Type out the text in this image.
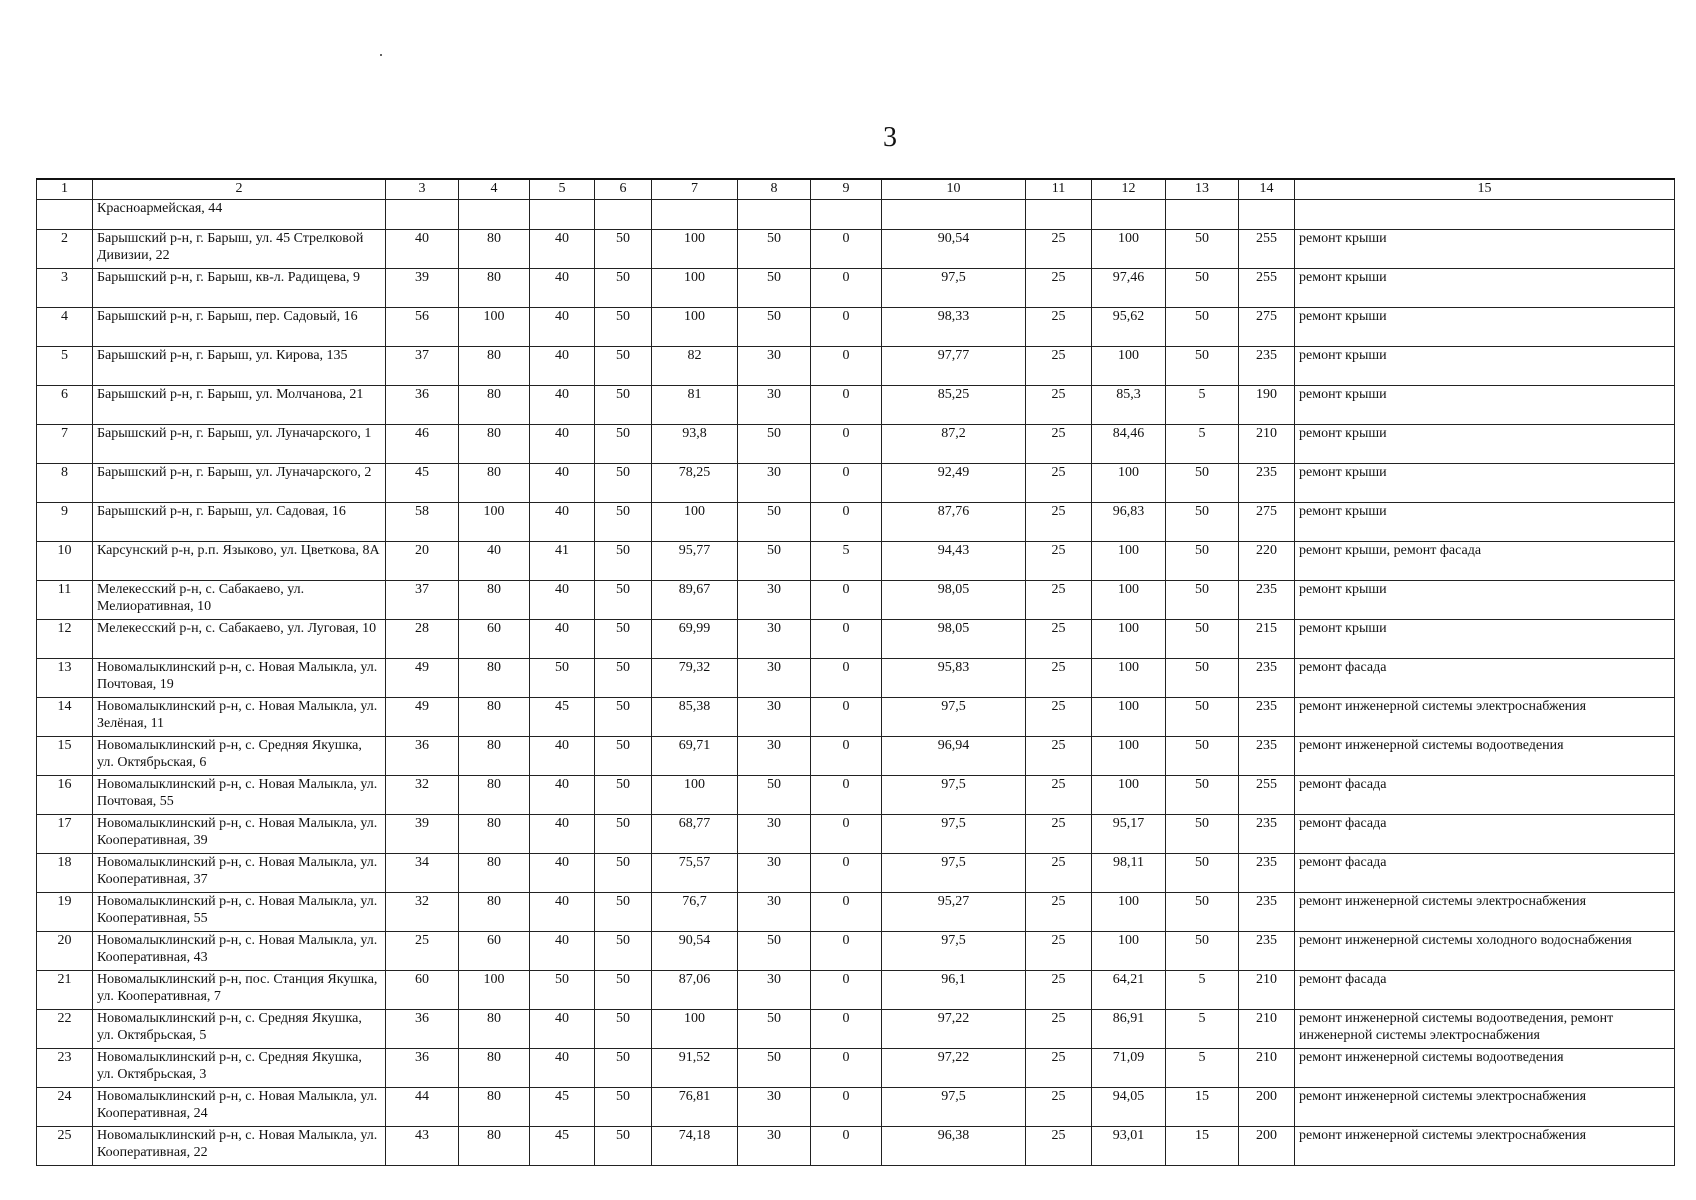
3
1	2	3	4	5	6	7	8	9	10	11	12	13	14	15
	Красноармейская, 44													
2	Барышский р-н, г. Барыш, ул. 45 Стрелковой Дивизии, 22	40	80	40	50	100	50	0	90,54	25	100	50	255	ремонт крыши
3	Барышский р-н, г. Барыш, кв-л. Радищева, 9	39	80	40	50	100	50	0	97,5	25	97,46	50	255	ремонт крыши
4	Барышский р-н, г. Барыш, пер. Садовый, 16	56	100	40	50	100	50	0	98,33	25	95,62	50	275	ремонт крыши
5	Барышский р-н, г. Барыш, ул. Кирова, 135	37	80	40	50	82	30	0	97,77	25	100	50	235	ремонт крыши
6	Барышский р-н, г. Барыш, ул. Молчанова, 21	36	80	40	50	81	30	0	85,25	25	85,3	5	190	ремонт крыши
7	Барышский р-н, г. Барыш, ул. Луначарского, 1	46	80	40	50	93,8	50	0	87,2	25	84,46	5	210	ремонт крыши
8	Барышский р-н, г. Барыш, ул. Луначарского, 2	45	80	40	50	78,25	30	0	92,49	25	100	50	235	ремонт крыши
9	Барышский р-н, г. Барыш, ул. Садовая, 16	58	100	40	50	100	50	0	87,76	25	96,83	50	275	ремонт крыши
10	Карсунский р-н, р.п. Языково, ул. Цветкова, 8А	20	40	41	50	95,77	50	5	94,43	25	100	50	220	ремонт крыши, ремонт фасада
11	Мелекесский р-н, с. Сабакаево, ул. Мелиоративная, 10	37	80	40	50	89,67	30	0	98,05	25	100	50	235	ремонт крыши
12	Мелекесский р-н, с. Сабакаево, ул. Луговая, 10	28	60	40	50	69,99	30	0	98,05	25	100	50	215	ремонт крыши
13	Новомалыклинский р-н, с. Новая Малыкла, ул. Почтовая, 19	49	80	50	50	79,32	30	0	95,83	25	100	50	235	ремонт фасада
14	Новомалыклинский р-н, с. Новая Малыкла, ул. Зелёная, 11	49	80	45	50	85,38	30	0	97,5	25	100	50	235	ремонт инженерной системы электроснабжения
15	Новомалыклинский р-н, с. Средняя Якушка, ул. Октябрьская, 6	36	80	40	50	69,71	30	0	96,94	25	100	50	235	ремонт инженерной системы водоотведения
16	Новомалыклинский р-н, с. Новая Малыкла, ул. Почтовая, 55	32	80	40	50	100	50	0	97,5	25	100	50	255	ремонт фасада
17	Новомалыклинский р-н, с. Новая Малыкла, ул. Кооперативная, 39	39	80	40	50	68,77	30	0	97,5	25	95,17	50	235	ремонт фасада
18	Новомалыклинский р-н, с. Новая Малыкла, ул. Кооперативная, 37	34	80	40	50	75,57	30	0	97,5	25	98,11	50	235	ремонт фасада
19	Новомалыклинский р-н, с. Новая Малыкла, ул. Кооперативная, 55	32	80	40	50	76,7	30	0	95,27	25	100	50	235	ремонт инженерной системы электроснабжения
20	Новомалыклинский р-н, с. Новая Малыкла, ул. Кооперативная, 43	25	60	40	50	90,54	50	0	97,5	25	100	50	235	ремонт инженерной системы холодного водоснабжения
21	Новомалыклинский р-н, пос. Станция Якушка, ул. Кооперативная, 7	60	100	50	50	87,06	30	0	96,1	25	64,21	5	210	ремонт фасада
22	Новомалыклинский р-н, с. Средняя Якушка, ул. Октябрьская, 5	36	80	40	50	100	50	0	97,22	25	86,91	5	210	ремонт инженерной системы водоотведения, ремонт инженерной системы электроснабжения
23	Новомалыклинский р-н, с. Средняя Якушка, ул. Октябрьская, 3	36	80	40	50	91,52	50	0	97,22	25	71,09	5	210	ремонт инженерной системы водоотведения
24	Новомалыклинский р-н, с. Новая Малыкла, ул. Кооперативная, 24	44	80	45	50	76,81	30	0	97,5	25	94,05	15	200	ремонт инженерной системы электроснабжения
25	Новомалыклинский р-н, с. Новая Малыкла, ул. Кооперативная, 22	43	80	45	50	74,18	30	0	96,38	25	93,01	15	200	ремонт инженерной системы электроснабжения
